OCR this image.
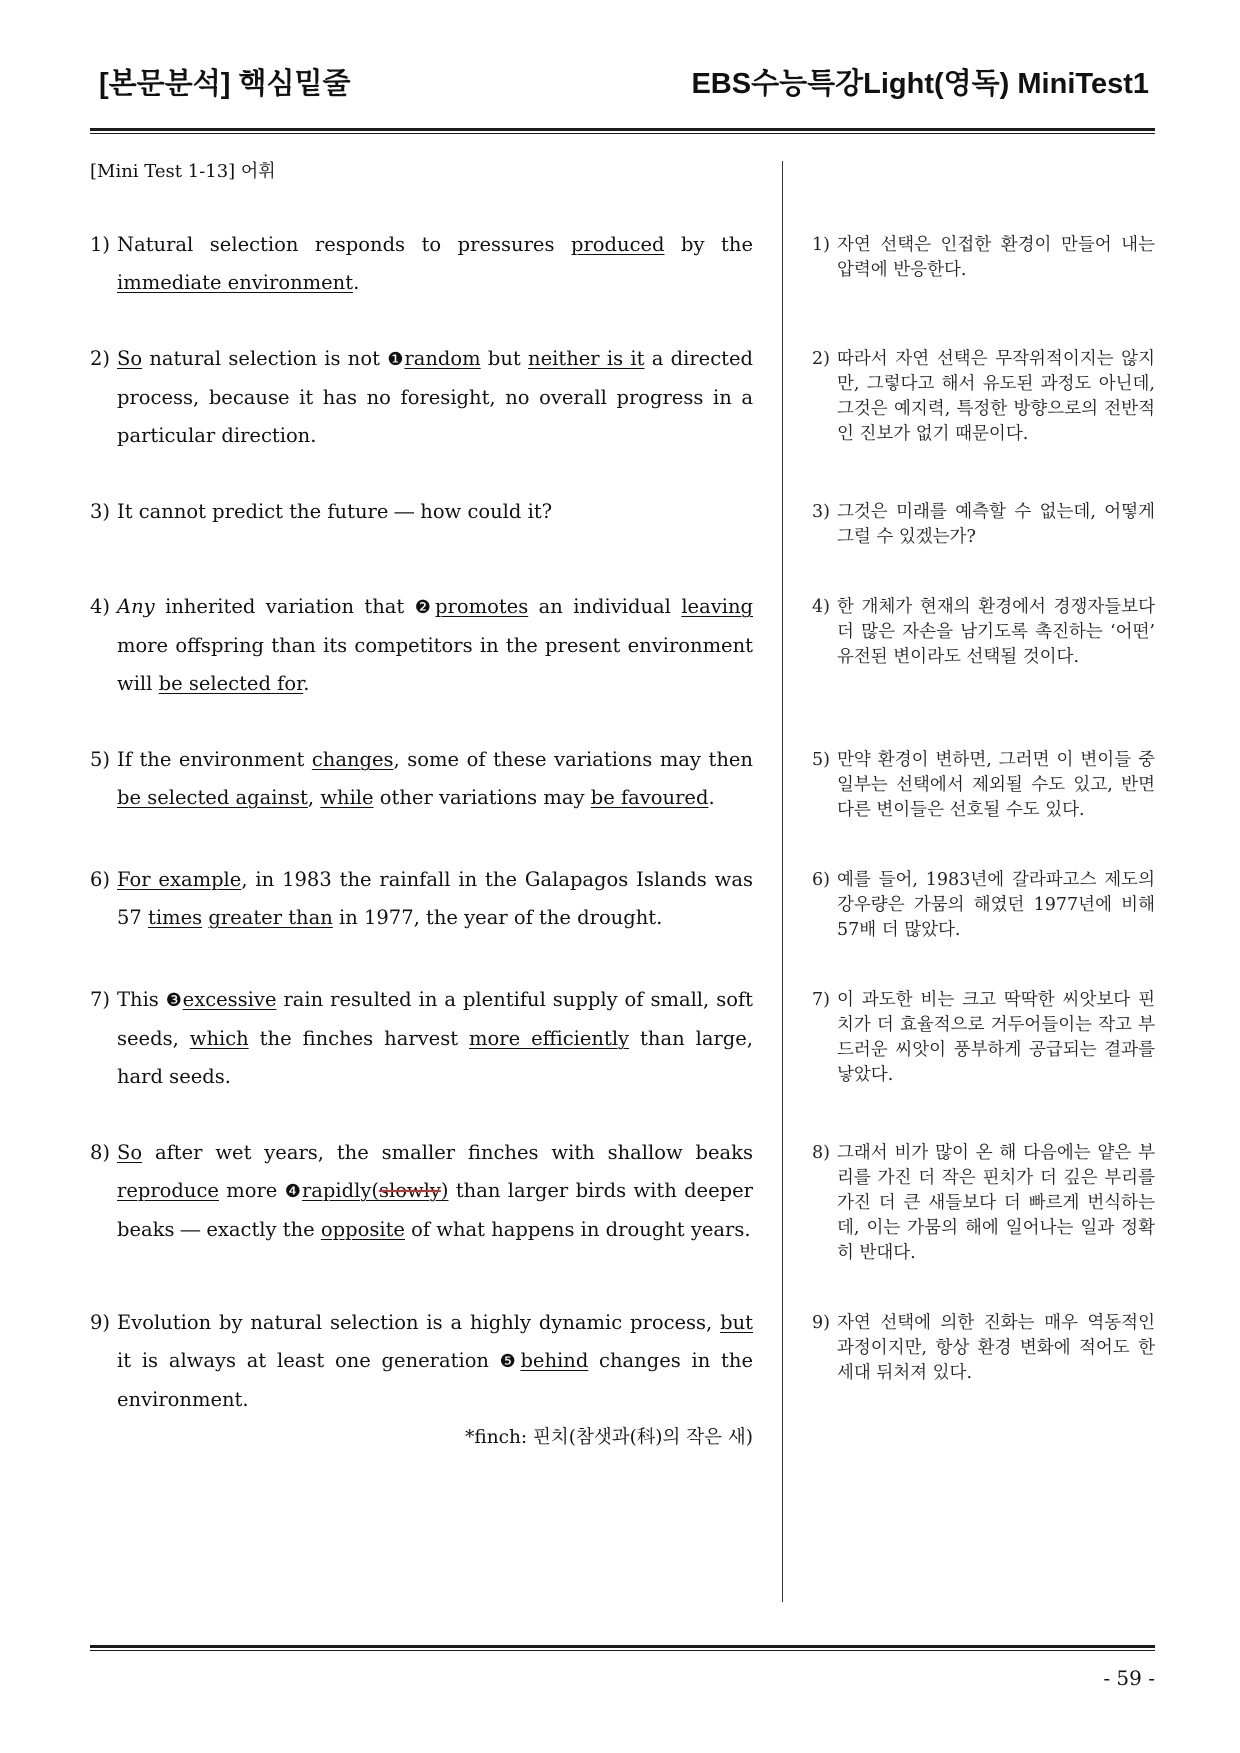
[본문분석] 핵심밑줄	EBS수능특강Light(영독) MiniTest1
[Mini Test 1-13] 어휘
1) Natural selection responds to pressures produced by the immediate environment.

1) 자연 선택은 인접한 환경이 만들어 내는 압력에 반응한다.

2) So natural selection is not ❶random but neither is it a directed process, because it has no foresight, no overall progress in a particular direction.

2) 따라서 자연 선택은 무작위적이지는 않지만, 그렇다고 해서 유도된 과정도 아닌데, 그것은 예지력, 특정한 방향으로의 전반적인 진보가 없기 때문이다.

3) It cannot predict the future ― how could it?	3) 그것은 미래를 예측할 수 없는데, 어떻게 그럴 수 있겠는가?

4) Any inherited variation that ❷promotes an individual leaving more offspring than its competitors in the present environment will be selected for.

4) 한 개체가 현재의 환경에서 경쟁자들보다 더 많은 자손을 남기도록 촉진하는 ‘어떤’ 유전된 변이라도 선택될 것이다.

5) If the environment changes, some of these variations may then be selected against, while other variations may be favoured.

5) 만약 환경이 변하면, 그러면 이 변이들 중 일부는 선택에서 제외될 수도 있고, 반면 다른 변이들은 선호될 수도 있다.

6) For example, in 1983 the rainfall in the Galapagos Islands was 57 times greater than in 1977, the year of the drought.

6) 예를 들어, 1983년에 갈라파고스 제도의 강우량은 가뭄의 해였던 1977년에 비해 57배 더 많았다.

7) This ❸excessive rain resulted in a plentiful supply of small, soft seeds, which the finches harvest more efficiently than large, hard seeds.

7) 이 과도한 비는 크고 딱딱한 씨앗보다 핀치가 더 효율적으로 거두어들이는 작고 부드러운 씨앗이 풍부하게 공급되는 결과를 낳았다.

8) So after wet years, the smaller finches with shallow beaks reproduce more ❹rapidly(slowly) than larger birds with deeper beaks ― exactly the opposite of what happens in drought years.

8) 그래서 비가 많이 온 해 다음에는 얕은 부리를 가진 더 작은 핀치가 더 깊은 부리를 가진 더 큰 새들보다 더 빠르게 번식하는데, 이는 가뭄의 해에 일어나는 일과 정확히 반대다.

9) Evolution by natural selection is a highly dynamic process, but it is always at least one generation ❺behind changes in the environment.

9) 자연 선택에 의한 진화는 매우 역동적인 과정이지만, 항상 환경 변화에 적어도 한 세대 뒤처져 있다.

*finch: 핀치(참샛과(科)의 작은 새)
- 59 -
